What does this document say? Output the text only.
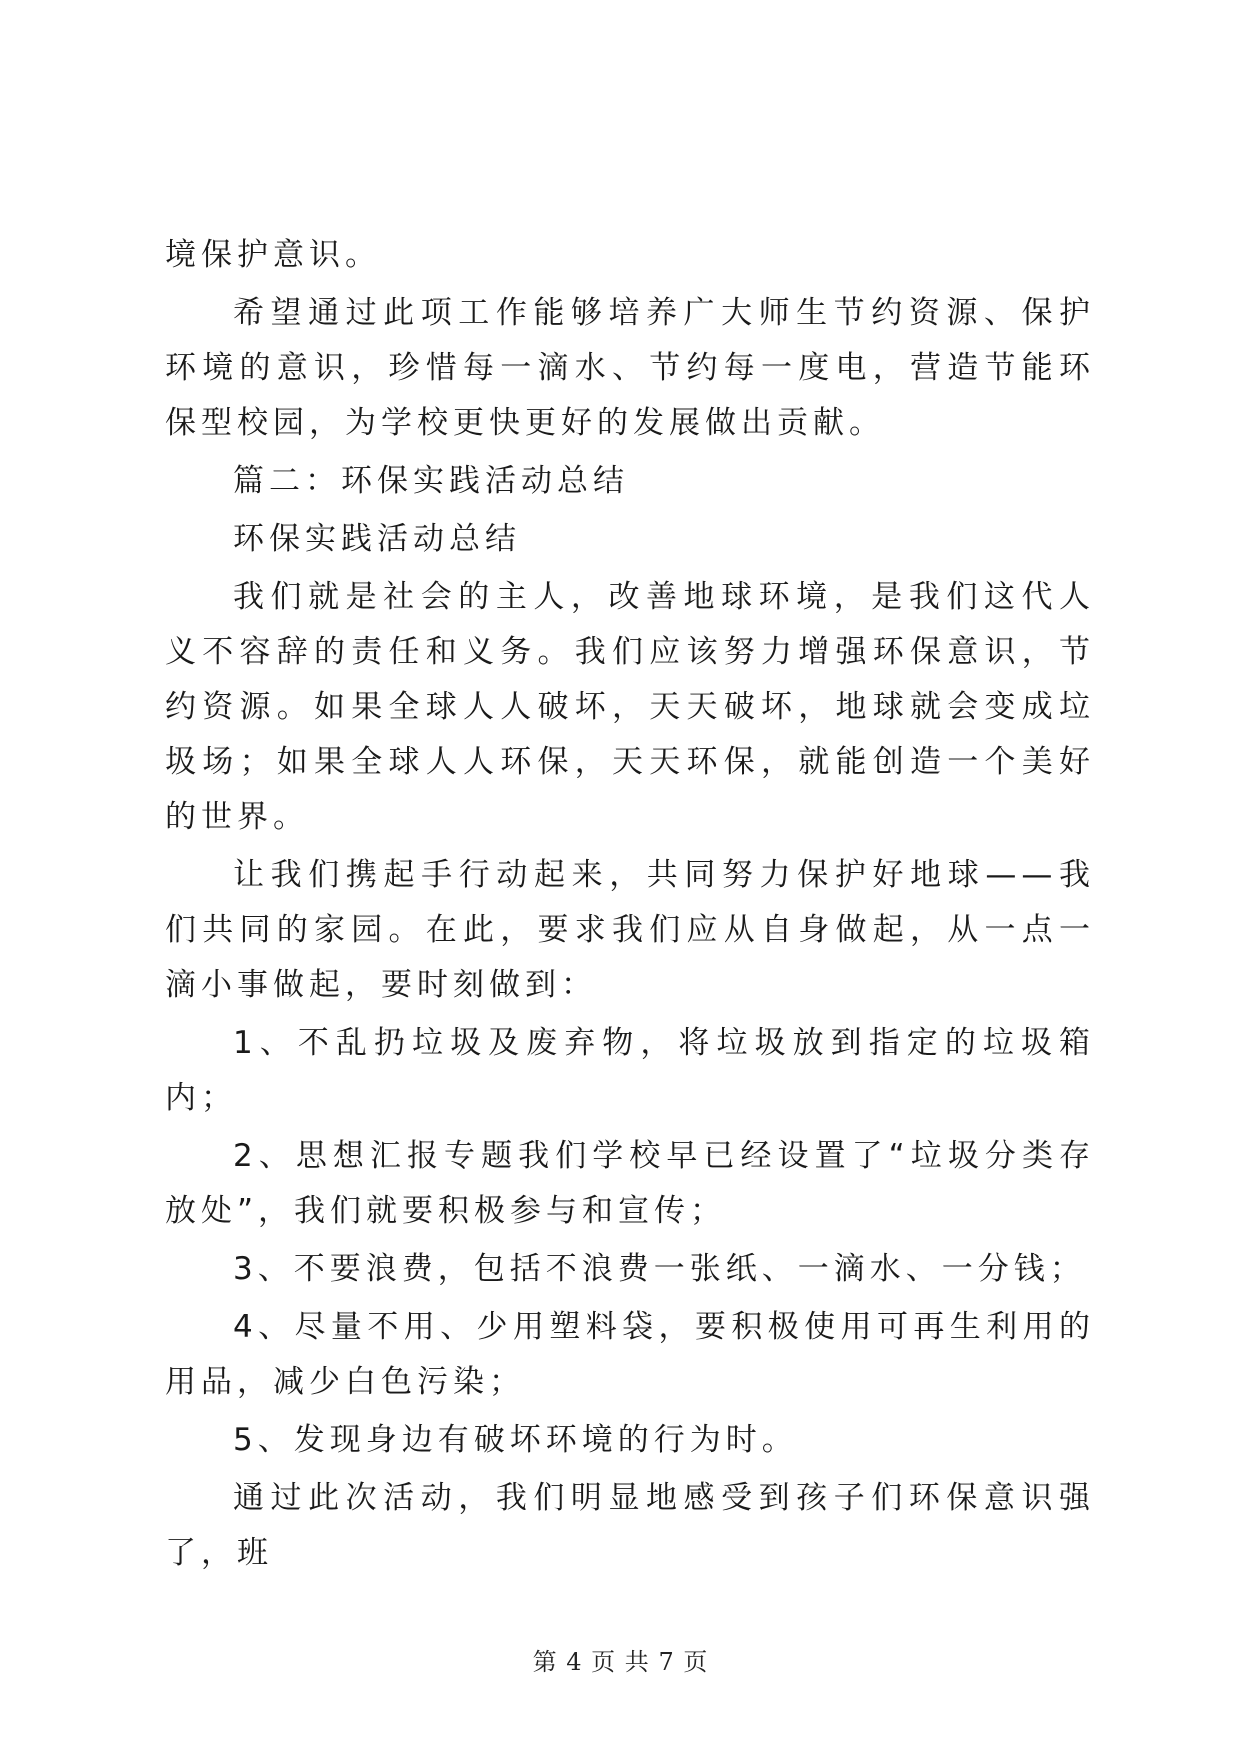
境保护意识。

希望通过此项工作能够培养广大师生节约资源、保护环境的意识，珍惜每一滴水、节约每一度电，营造节能环保型校园，为学校更快更好的发展做出贡献。

篇二：环保实践活动总结

环保实践活动总结

我们就是社会的主人，改善地球环境，是我们这代人义不容辞的责任和义务。我们应该努力增强环保意识，节约资源。如果全球人人破坏，天天破坏，地球就会变成垃圾场；如果全球人人环保，天天环保，就能创造一个美好的世界。

让我们携起手行动起来，共同努力保护好地球——我们共同的家园。在此，要求我们应从自身做起，从一点一滴小事做起，要时刻做到：

1、不乱扔垃圾及废弃物，将垃圾放到指定的垃圾箱内；

2、思想汇报专题我们学校早已经设置了“垃圾分类存放处”，我们就要积极参与和宣传；

3、不要浪费，包括不浪费一张纸、一滴水、一分钱；

4、尽量不用、少用塑料袋，要积极使用可再生利用的用品，减少白色污染；

5、发现身边有破坏环境的行为时。

通过此次活动，我们明显地感受到孩子们环保意识强了，班

第 4 页 共 7 页
